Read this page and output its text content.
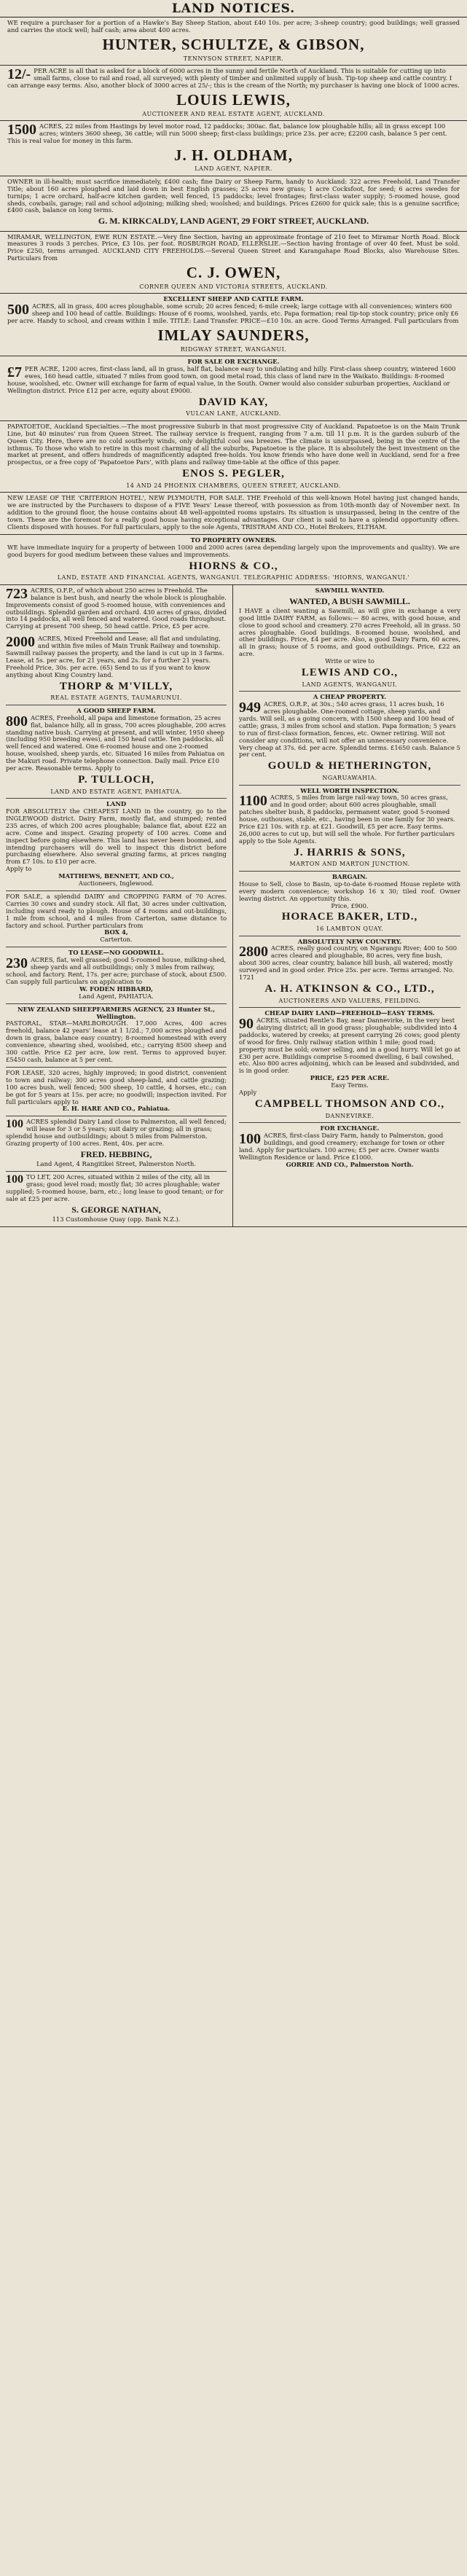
LAND NOTICES.
WE require a purchaser for a portion of a Hawke's Bay Sheep Station, about £40 10s. per acre; 3-sheep country; good buildings; well grassed and carries the stock well; half cash; area about 400 acres.
HUNTER, SCHULTZE, & GIBSON,
TENNYSON STREET, NAPIER.
12/- PER ACRE is all that is asked for a block of 6000 acres in the sunny and fertile North of Auckland. This is suitable for cutting up into small farms, close to rail and road, all surveyed; with plenty of timber and unlimited supply of bush. Tip-top sheep and cattle country. I can arrange easy terms. Also, another block of 3000 acres at 25/-; this is the cream of the North; my purchaser is having one block of 1000 acres.
LOUIS LEWIS,
AUCTIONEER AND REAL ESTATE AGENT, AUCKLAND.
1500 ACRES, 22 miles from Hastings by level motor road, 12 paddocks; 300ac. flat, balance low ploughable hills; all in grass except 100 acres; winters 3600 sheep, 36 cattle; will run 5000 sheep; first-class buildings; price 23s. per acre; £2200 cash, balance 5 per cent. This is real value for money in this farm.
J. H. OLDHAM,
LAND AGENT, NAPIER.
OWNER in ill-health; must sacrifice immediately, £400 cash; fine Dairy or Sheep Farm, handy to Auckland: 322 acres Freehold, Land Transfer Title; about 160 acres ploughed and laid down in best English grasses; 25 acres new grass; 1 acre Cocksfoot, for seed; 6 acres swedes for turnips; 1 acre orchard, half-acre kitchen garden; well fenced, 15 paddocks; level frontages; first-class water supply; 5-roomed house, good sheds, cowbails, garage; rail and school adjoining; milking shed; woolshed; and buildings. Prices £2600 for quick sale; this is a genuine sacrifice; £400 cash, balance on long terms.
G. M. KIRKCALDY, LAND AGENT, 29 FORT STREET, AUCKLAND.
MIRAMAR, WELLINGTON, EWE RUN ESTATE.—Very fine Section, having an approximate frontage of 210 feet to Miramar North Road. Block measures 3 roods 3 perches. Price, £3 10s. per foot. ROSBURGH ROAD, ELLERSLIE.—Section having frontage of over 40 feet. Must be sold. Price £250, terms arranged. AUCKLAND CITY FREEHOLDS.—Several Queen Street and Karangahape Road Blocks, also Warehouse Sites. Particulars from
C. J. OWEN,
CORNER QUEEN AND VICTORIA STREETS, AUCKLAND.
EXCELLENT SHEEP AND CATTLE FARM.
500 ACRES, all in grass, 400 acres ploughable, some scrub; 20 acres fenced; 6-mile creek; large cottage with all conveniences; winters 600 sheep and 100 head of cattle. Buildings: House of 6 rooms, woolshed, yards, etc. Papa formation; real tip-top stock country; price only £6 per acre. Handy to school, and cream within 1 mile. TITLE: Land Transfer. PRICE—£10 10s. an acre. Good Terms Arranged. Full particulars from
IMLAY SAUNDERS,
RIDGWAY STREET, WANGANUI.
FOR SALE OR EXCHANGE.
£7 PER ACRE, 1200 acres, first-class land, all in grass, half flat, balance easy to undulating and hilly. First-class sheep country, wintered 1600 ewes, 160 head cattle, situated 7 miles from good town, on good metal road, this class of land rare in the Waikato. Buildings: 8-roomed house, woolshed, etc. Owner will exchange for farm of equal value, in the South. Owner would also consider suburban properties, Auckland or Wellington district. Price £12 per acre, equity about £9000.
DAVID KAY,
VULCAN LANE, AUCKLAND.
PAPATOETOE, Auckland Specialties.—The most progressive Suburb in that most progressive City of Auckland. Papatoetoe is on the Main Trunk Line, but 40 minutes' run from Queen Street. The railway service is frequent, ranging from 7 a.m. till 11 p.m. It is the garden suburb of the Queen City. Here, there are no cold southerly winds, only delightful cool sea breezes. The climate is unsurpassed, being in the centre of the isthmus. To those who wish to retire in this most charming of all the suburbs, Papatoetoe is the place. It is absolutely the best investment on the market at present, and offers hundreds of magnificently adapted free-holds. You know friends who have done well in Auckland, send for a free prospectus, or a free copy of 'Papatoetoe Pars', with plans and railway time-table at the office of this paper.
ENOS S. PEGLER,
14 AND 24 PHOENIX CHAMBERS, QUEEN STREET, AUCKLAND.
NEW LEASE OF THE 'CRITERION HOTEL', NEW PLYMOUTH, FOR SALE. THE Freehold of this well-known Hotel having just changed hands, we are instructed by the Purchasers to dispose of a FIVE Years' Lease thereof, with possession as from 10th-month day of November next. In addition to the ground floor, the house contains about 48 well-appointed rooms upstairs. Its situation is unsurpassed, being in the centre of the town. These are the foremost for a really good house having exceptional advantages. Our client is said to have a splendid opportunity offers. Clients disposed with houses. For full particulars, apply to the sole Agents, TRISTRAM AND CO., Hotel Brokers, ELTHAM.
TO PROPERTY OWNERS.
WE have immediate inquiry for a property of between 1000 and 2000 acres (area depending largely upon the improvements and quality). We are good buyers for good medium between these values and improvements.
HIORNS & CO.,
LAND, ESTATE AND FINANCIAL AGENTS, WANGANUI. TELEGRAPHIC ADDRESS: 'HIORNS, WANGANUI.'
723 ACRES, O.F.P., of which about 250 acres is Freehold. The balance is best bush, and nearly the whole block is ploughable. Improvements consist of good 5-roomed house, with conveniences and outbuildings. Splendid garden and orchard. 430 acres of grass, divided into 14 paddocks, all well fenced and watered. Good roads throughout. Carrying at present 700 sheep, 50 head cattle. Price, £5 per acre.
2000 ACRES, Mixed Freehold and Lease; all flat and undulating, and within five miles of Main Trunk Railway and township. Sawmill railway passes the property, and the land is cut up in 3 farms. Lease, at 5s. per acre, for 21 years, and 2s. for a further 21 years. Freehold Price, 30s. per acre. (65) Send to us if you want to know anything about King Country land.
THORP & M'VILLY,
REAL ESTATE AGENTS, TAUMARUNUI.
A GOOD SHEEP FARM.
800 ACRES, Freehold, all papa and limestone formation, 25 acres flat, balance hilly, all in grass, 700 acres ploughable, 200 acres standing native bush. Carrying at present, and will winter, 1950 sheep (including 950 breeding ewes), and 150 head cattle. Ten paddocks, all well fenced and watered. One 6-roomed house and one 2-roomed house, woolshed, sheep yards, etc. Situated 16 miles from Pahiatua on the Makuri road. Private telephone connection. Daily mail. Price £10 per acre. Reasonable terms. Apply to
P. TULLOCH,
LAND AND ESTATE AGENT, PAHIATUA.
LAND
FOR ABSOLUTELY the CHEAPEST LAND in the country, go to the INGLEWOOD district. Dairy Farm, mostly flat, and stumped; rented 235 acres, of which 200 acres ploughable; balance flat, about £22 an acre. Come and inspect. Grazing property of 100 acres. Come and inspect before going elsewhere. This land has never been boomed, and intending purchasers will do well to inspect this district before purchasing elsewhere. Also several grazing farms, at prices ranging from £7 10s. to £10 per acre.
Apply to
MATTHEWS, BENNETT, AND CO.,
Auctioneers, Inglewood.
FOR SALE, a splendid DAIRY and CROPPING FARM of 70 Acres. Carries 30 cows and sundry stock. All flat, 30 acres under cultivation, including sward ready to plough. House of 4 rooms and out-buildings, 1 mile from school, and 4 miles from Carterton, same distance to factory and school. Further particulars from
BOX 4,
Carterton.
TO LEASE—NO GOODWILL.
230 ACRES, flat, well grassed; good 5-roomed house, milking-shed, sheep yards and all outbuildings; only 3 miles from railway, school, and factory. Rent, 17s. per acre; purchase of stock, about £500. Can supply full particulars on application to
W. FODEN HIBBARD,
Land Agent, PAHIATUA.
NEW ZEALAND SHEEPFARMERS AGENCY, 23 Hunter St., Wellington.
PASTORAL, STAR—MARLBOROUGH. 17,000 Acres, 400 acres freehold, balance 42 years' lease at 1 1/2d.; 7,000 acres ploughed and down in grass, balance easy country; 8-roomed homestead with every convenience, shearing shed, woolshed, etc.; carrying 8500 sheep and 300 cattle. Price £2 per acre, low rent. Terms to approved buyer. £5450 cash, balance at 5 per cent.
FOR LEASE, 320 acres, highly improved; in good district, convenient to town and railway; 300 acres good sheep-land, and cattle grazing; 100 acres bush, well fenced; 500 sheep, 10 cattle, 4 horses, etc.; can be got for 5 years at 15s. per acre; no goodwill; inspection invited. For full particulars apply to
E. H. HARE AND CO., Pahiatua.
100 ACRES splendid Dairy Land close to Palmerston, all well fenced; will lease for 3 or 5 years; suit dairy or grazing; all in grass; splendid house and outbuildings; about 5 miles from Palmerston. Grazing property of 100 acres. Rent, 40s. per acre.
FRED. HEBBING,
Land Agent, 4 Rangitikei Street, Palmerston North.
100 TO LET, 200 Acres, situated within 2 miles of the city, all in grass; good level road; mostly flat; 30 acres ploughable; water supplied; 5-roomed house, barn, etc.; long lease to good tenant; or for sale at £25 per acre.
S. GEORGE NATHAN,
113 Customhouse Quay (opp. Bank N.Z.).
SAWMILL WANTED.
WANTED, A BUSH SAWMILL.
I HAVE a client wanting a Sawmill, as will give in exchange a very good little DAIRY FARM, as follows:— 80 acres, with good house, and close to good school and creamery. 270 acres Freehold, all in grass. 50 acres ploughable. Good buildings. 8-roomed house, woolshed, and other buildings. Price, £4 per acre. Also, a good Dairy Farm, 60 acres, all in grass; house of 5 rooms, and good outbuildings. Price, £22 an acre.
Write or wire to
LEWIS AND CO.,
LAND AGENTS, WANGANUI.
A CHEAP PROPERTY.
949 ACRES, O.R.P., at 30s.; 540 acres grass, 11 acres bush, 16 acres ploughable. One-roomed cottage, sheep yards, and yards. Will sell, as a going concern, with 1500 sheep and 100 head of cattle; grass, 3 miles from school and station. Papa formation; 5 years to run of first-class formation, fences, etc. Owner retiring. Will not consider any conditions, will not offer an unnecessary convenience. Very cheap at 37s. 6d. per acre. Splendid terms. £1650 cash. Balance 5 per cent.
GOULD & HETHERINGTON,
NGARUAWAHIA.
WELL WORTH INSPECTION.
1100 ACRES, 5 miles from large rail-way town, 50 acres grass, and in good order; about 600 acres ploughable, small patches shelter bush, 8 paddocks, permanent water, good 5-roomed house, outhouses, stable, etc., having been in one family for 30 years. Price £21 10s. with r.p. at £21. Goodwill, £5 per acre. Easy terms. 26,000 acres to cut up, but will sell the whole. For further particulars apply to the Sole Agents.
J. HARRIS & SONS,
MARTON AND MARTON JUNCTION.
BARGAIN.
House to Sell, close to Basin, up-to-date 6-roomed House replete with every modern convenience; workshop 16 x 30; tiled roof. Owner leaving district. An opportunity this.
Price, £900.
HORACE BAKER, LTD.,
16 LAMBTON QUAY.
ABSOLUTELY NEW COUNTRY.
2800 ACRES, really good country, on Ngarangu River; 400 to 500 acres cleared and ploughable, 80 acres, very fine bush, about 300 acres, clear country, balance hill bush, all watered; mostly surveyed and in good order. Price 25s. per acre. Terms arranged. No. 1721
A. H. ATKINSON & CO., LTD.,
AUCTIONEERS AND VALUERS, FEILDING.
CHEAP DAIRY LAND—FREEHOLD—EASY TERMS.
90 ACRES, situated Rentle's Bay, near Dannevirke, in the very best dairying district; all in good grass; ploughable; subdivided into 4 paddocks, watered by creeks; at present carrying 26 cows; good plenty of wood for fires. Only railway station within 1 mile; good road; property must be sold; owner selling, and in a good hurry. Will let go at £30 per acre. Buildings comprise 5-roomed dwelling, 6 bail cowshed, etc. Also 800 acres adjoining, which can be leased and subdivided, and is in good order.
PRICE, £25 PER ACRE.
Easy Terms.
Apply
CAMPBELL THOMSON AND CO.,
DANNEVIRKE.
FOR EXCHANGE.
100 ACRES, first-class Dairy Farm, handy to Palmerston, good buildings, and good creamery; exchange for town or other land. Apply for particulars. 100 acres; £5 per acre. Owner wants Wellington Residence or land. Price £1000.
GORRIE AND CO., Palmerston North.
